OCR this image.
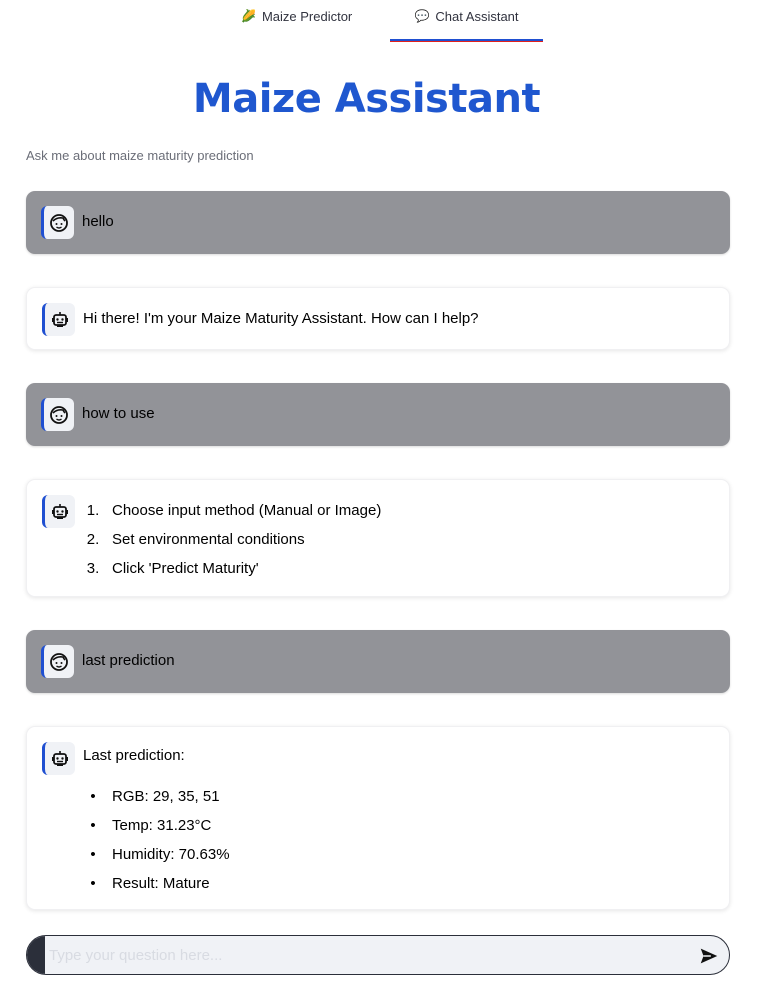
🌽 Maize Predictor	💬 Chat Assistant
Maize Assistant
Ask me about maize maturity prediction
hello
Hi there! I'm your Maize Maturity Assistant. How can I help?
how to use
1. Choose input method (Manual or Image)
2. Set environmental conditions
3. Click 'Predict Maturity'
last prediction
Last prediction:
•	RGB: 29, 35, 51
•	Temp: 31.23°C
•	Humidity: 70.63%
•	Result: Mature
Type your question here...
